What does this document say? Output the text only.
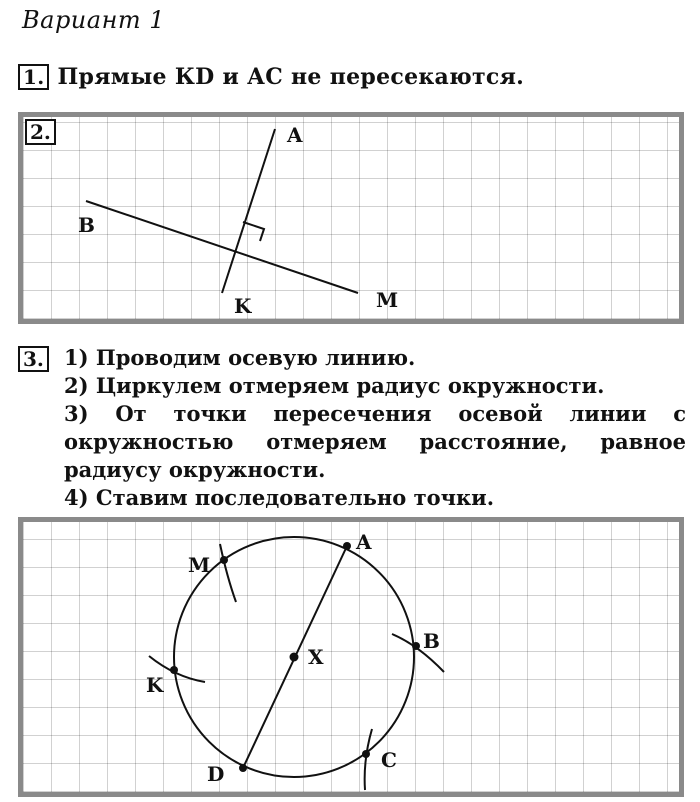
Вариант 1
1. Прямые КD и АС не пересекаются.
A
B
K	M
2.
3. 1) Проводим осевую линию.
2) Циркулем отмеряем радиус окружности.
3) От точки пересечения осевой линии с окружностью отмеряем расстояние, равное радиусу окружности.
4) Ставим последовательно точки.
A
B
C
D
K
M
X
